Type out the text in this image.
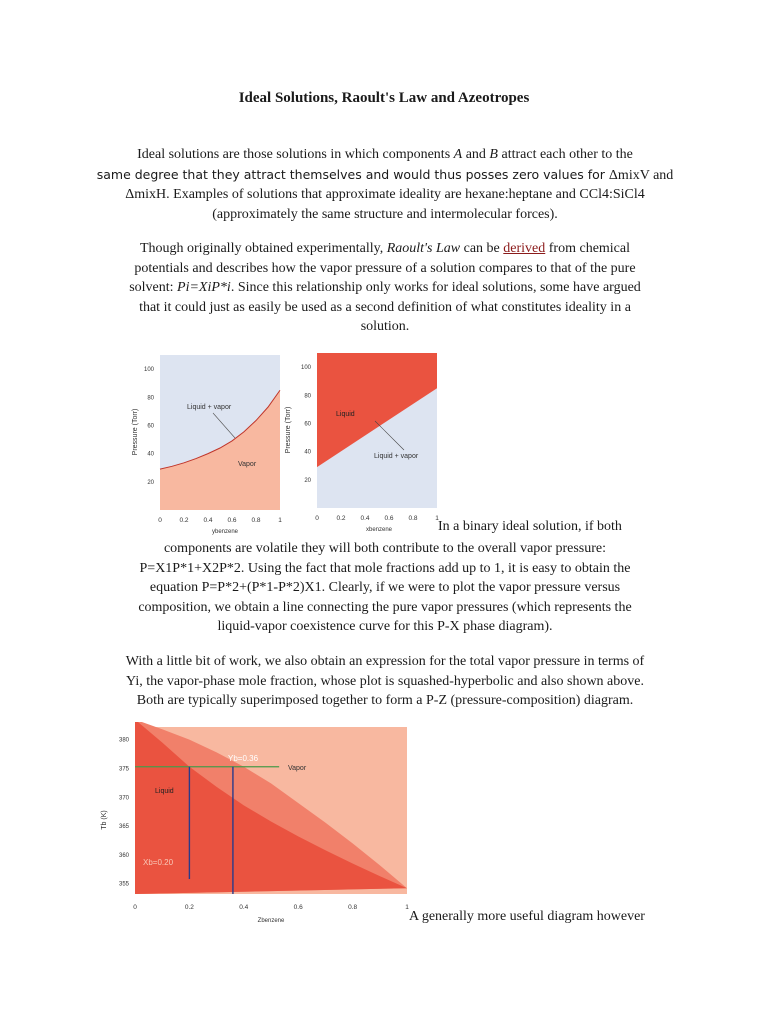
Ideal Solutions, Raoult's Law and Azeotropes
Ideal solutions are those solutions in which components A and B attract each other to the
same degree that they attract themselves and would thus posses zero values for ΔmixV and
ΔmixH. Examples of solutions that approximate ideality are hexane:heptane and CCl4:SiCl4
(approximately the same structure and intermolecular forces).
Though originally obtained experimentally, Raoult's Law can be derived from chemical
potentials and describes how the vapor pressure of a solution compares to that of the pure
solvent: Pi=XiP*i. Since this relationship only works for ideal solutions, some have argued
that it could just as easily be used as a second definition of what constitutes ideality in a
solution.
20
40
60
80
100
0	0.2 0.4 0.6 0.8	1
Liquid + vapor
Vapor
Pressure (Torr)
ybenzene
20
40
60
80
100
0	0.2 0.4 0.6 0.8	1
Liquid
Liquid + vapor
Pressure (Torr)
xbenzene	In a binary ideal solution, if both
components are volatile they will both contribute to the overall vapor pressure:
P=X1P*1+X2P*2. Using the fact that mole fractions add up to 1, it is easy to obtain the
equation P=P*2+(P*1-P*2)X1. Clearly, if we were to plot the vapor pressure versus
composition, we obtain a line connecting the pure vapor pressures (which represents the
liquid-vapor coexistence curve for this P-X phase diagram).
With a little bit of work, we also obtain an expression for the total vapor pressure in terms of
Yi, the vapor-phase mole fraction, whose plot is squashed-hyperbolic and also shown above.
Both are typically superimposed together to form a P-Z (pressure-composition) diagram.
355
360
365
370
375
380
0	0.2	0.4	0.6	0.8	1
Yb=0.36
Xb=0.20
Vapor
Liquid
Tb (K)
Zbenzene	A generally more useful diagram however
